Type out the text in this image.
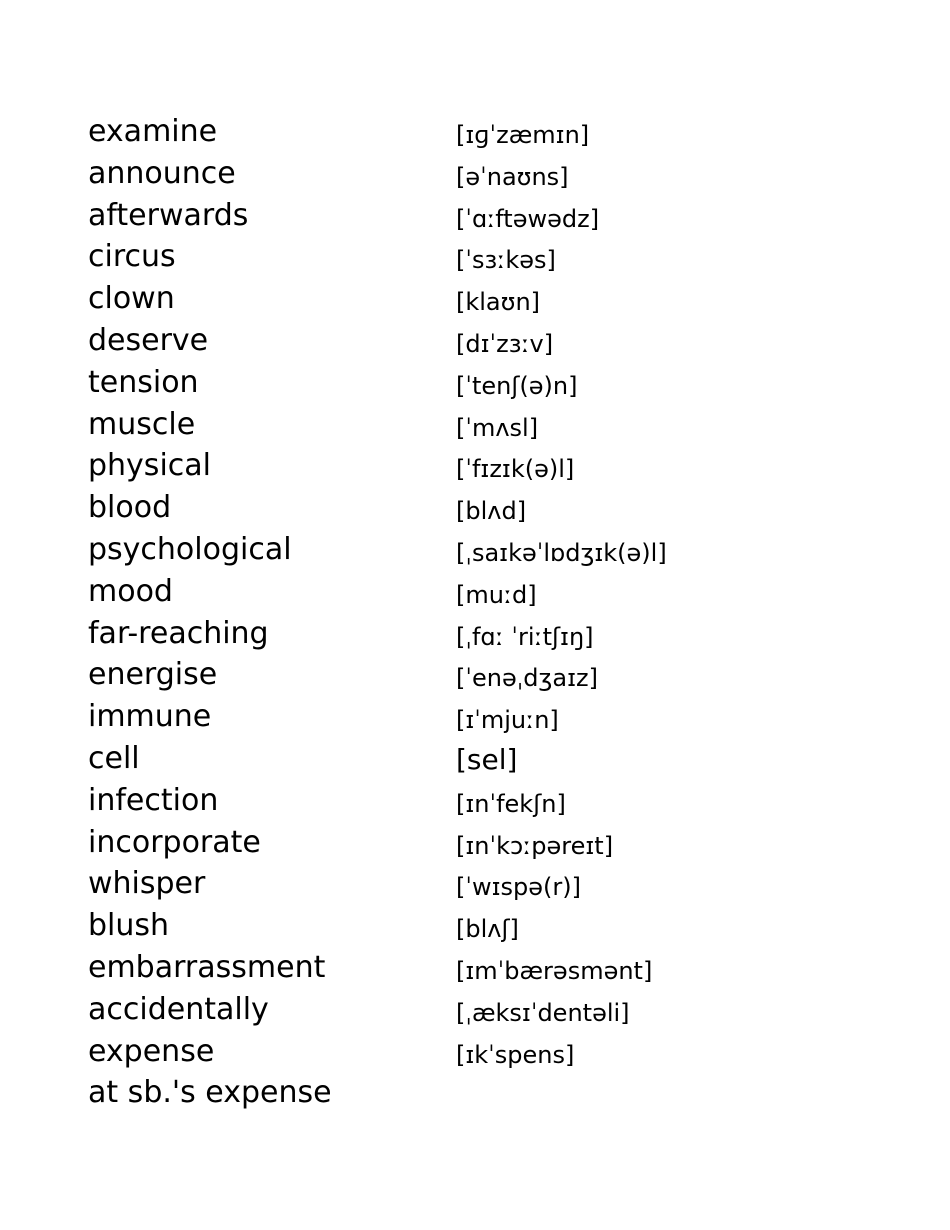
examine	[ɪɡˈzæmɪn]
announce	[əˈnaʊns]
afterwards	[ˈɑːftəwədz]
circus	[ˈsɜːkəs]
clown	[klaʊn]
deserve	[dɪˈzɜːv]
tension	[ˈtenʃ(ə)n]
muscle	[ˈmʌsl]
physical	[ˈfɪzɪk(ə)l]
blood	[blʌd]
psychological	[ˌsaɪkəˈlɒdʒɪk(ə)l]
mood	[muːd]
far-reaching	[ˌfɑː ˈriːtʃɪŋ]
energise	[ˈenəˌdʒaɪz]
immune	[ɪˈmjuːn]
cell	[sel]
infection	[ɪnˈfekʃn]
incorporate	[ɪnˈkɔːpəreɪt]
whisper	[ˈwɪspə(r)]
blush	[blʌʃ]
embarrassment	[ɪmˈbærəsmənt]
accidentally	[ˌæksɪˈdentəli]
expense	[ɪkˈspens]
at sb.'s expense
